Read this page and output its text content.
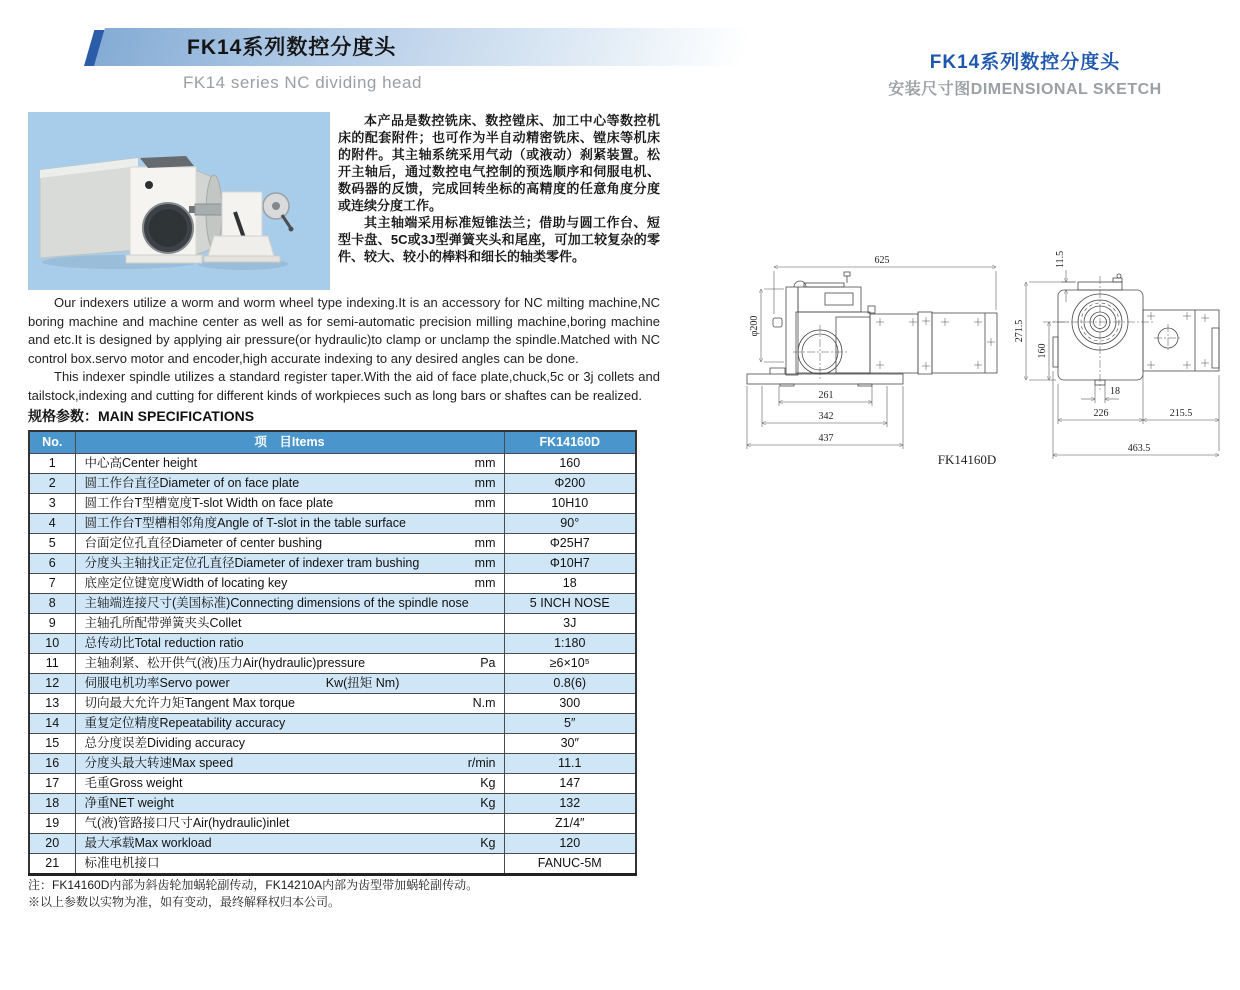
FK14系列数控分度头
FK14 series NC dividing head
FK14系列数控分度头
安装尺寸图DIMENSIONAL SKETCH

本产品是数控铣床、数控镗床、加工中心等数控机床的配套附件；也可作为半自动精密铣床、镗床等机床的附件。其主轴系统采用气动（或液动）刹紧装置。松开主轴后，通过数控电气控制的预选顺序和伺服电机、数码器的反馈，完成回转坐标的高精度的任意角度分度或连续分度工作。

其主轴端采用标准短锥法兰；借助与圆工作台、短型卡盘、5C或3J型弹簧夹头和尾座，可加工较复杂的零件、较大、较小的棒料和细长的轴类零件。

Our indexers utilize a worm and worm wheel type indexing.It is an accessory for NC milting machine,NC boring machine and machine center as well as for semi-automatic precision milling machine,boring machine and etc.It is designed by applying air pressure(or hydraulic)to clamp or unclamp the spindle.Matched with NC control box.servo motor and encoder,high accurate indexing to any desired angles can be done.

This indexer spindle utilizes a standard register taper.With the aid of face plate,chuck,5c or 3j collets and tailstock,indexing and cutting for different kinds of workpieces such as long bars or shaftes can be realized.

规格参数：MAIN SPECIFICATIONS
No.	项　目Items	FK14160D
1	中心高Center height mm	160
2	圆工作台直径Diameter of on face plate mm	Φ200
3	圆工作台T型槽宽度T-slot Width on face plate mm	10H10
4	圆工作台T型槽相邻角度Angle of T-slot in the table surface	90°
5	台面定位孔直径Diameter of center bushing mm	Φ25H7
6	分度头主轴找正定位孔直径Diameter of indexer tram bushing mm	Φ10H7
7	底座定位键宽度Width of locating key mm	18
8	主轴端连接尺寸(美国标准)Connecting dimensions of the spindle nose	5 INCH NOSE
9	主轴孔所配带弹簧夹头Collet	3J
10	总传动比Total reduction ratio	1:180
11	主轴刹紧、松开供气(液)压力Air(hydraulic)pressure Pa	≥6×10⁵
12	伺服电机功率Servo power Kw(扭矩 Nm)	0.8(6)
13	切向最大允许力矩Tangent Max torque N.m	300
14	重复定位精度Repeatability accuracy	5″
15	总分度误差Dividing accuracy	30″
16	分度头最大转速Max speed r/min	11.1
17	毛重Gross weight Kg	147
18	净重NET weight Kg	132
19	气(液)管路接口尺寸Air(hydraulic)inlet	Z1/4″
20	最大承载Max workload Kg	120
21	标准电机接口	FANUC-5M
注：FK14160D内部为斜齿轮加蜗轮副传动，FK14210A内部为齿型带加蜗轮副传动。
※以上参数以实物为准，如有变动，最终解释权归本公司。
625
φ200
261
342
437
FK14160D
11.5
271.5
160
18
226	215.5
463.5
